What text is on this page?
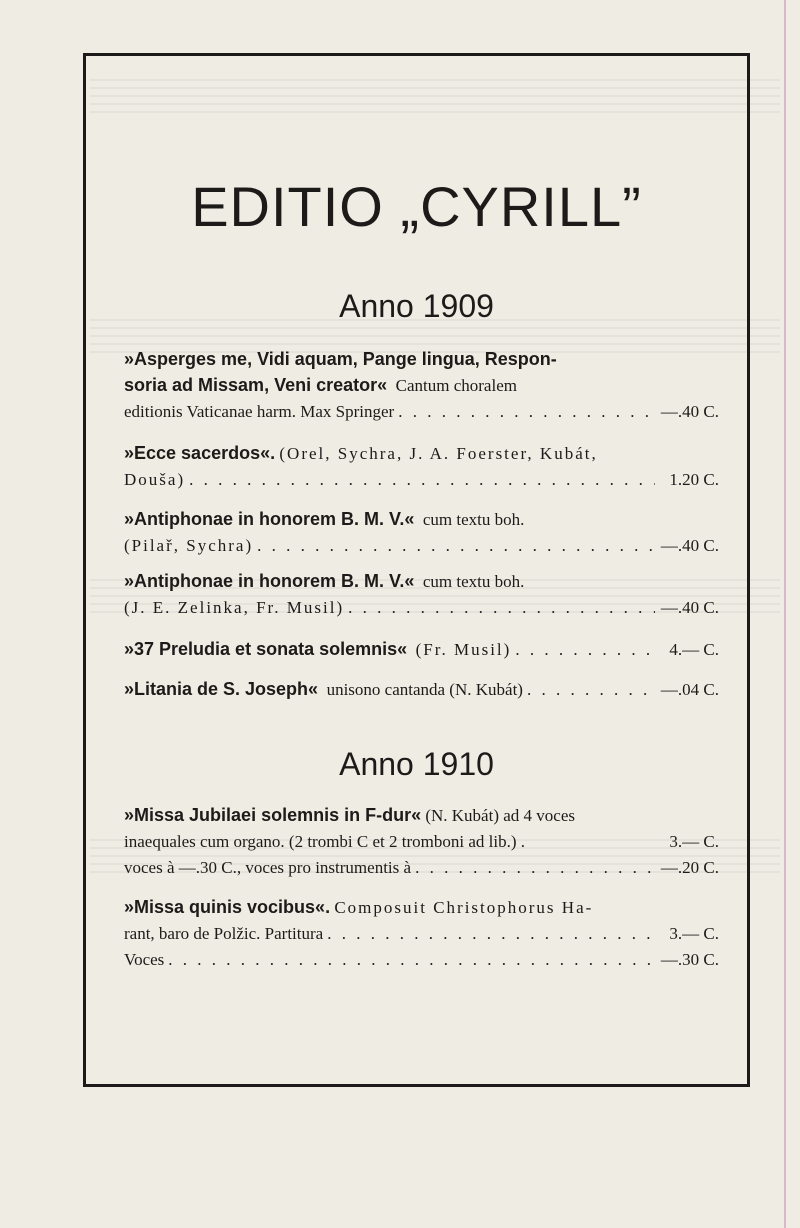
EDITIO „CYRILL”
Anno 1909
»Asperges me, Vidi aquam, Pange lingua, Respon-
soria ad Missam, Veni creator«
Cantum choralem
editionis Vaticanae harm. Max Springer . . .	—.40 C.
»Ecce sacerdos«.
(Orel, Sychra, J. A. Foerster, Kubát,
Douša) . . .	1.20 C.
»Antiphonae in honorem B. M. V.«
cum textu boh.
(Pilař, Sychra) . . .	—.40 C.
»Antiphonae in honorem B. M. V.«
cum textu boh.
(J. E. Zelinka, Fr. Musil) . . .	—.40 C.
»37 Preludia et sonata solemnis«
(Fr. Musil) . . .	4.— C.
»Litania de S. Joseph«
unisono cantanda (N. Kubát) . . .	—.04 C.
Anno 1910
»Missa Jubilaei solemnis in F-dur«
(N. Kubát) ad 4 voces
inaequales cum organo. (2 trombi C et 2 tromboni ad lib.) .	3.— C.
voces à —.30 C., voces pro instrumentis à . . .	—.20 C.
»Missa quinis vocibus«.
Composuit Christophorus Ha-
rant, baro de Polžic. Partitura . . .	3.— C.
Voces . . .	—.30 C.
